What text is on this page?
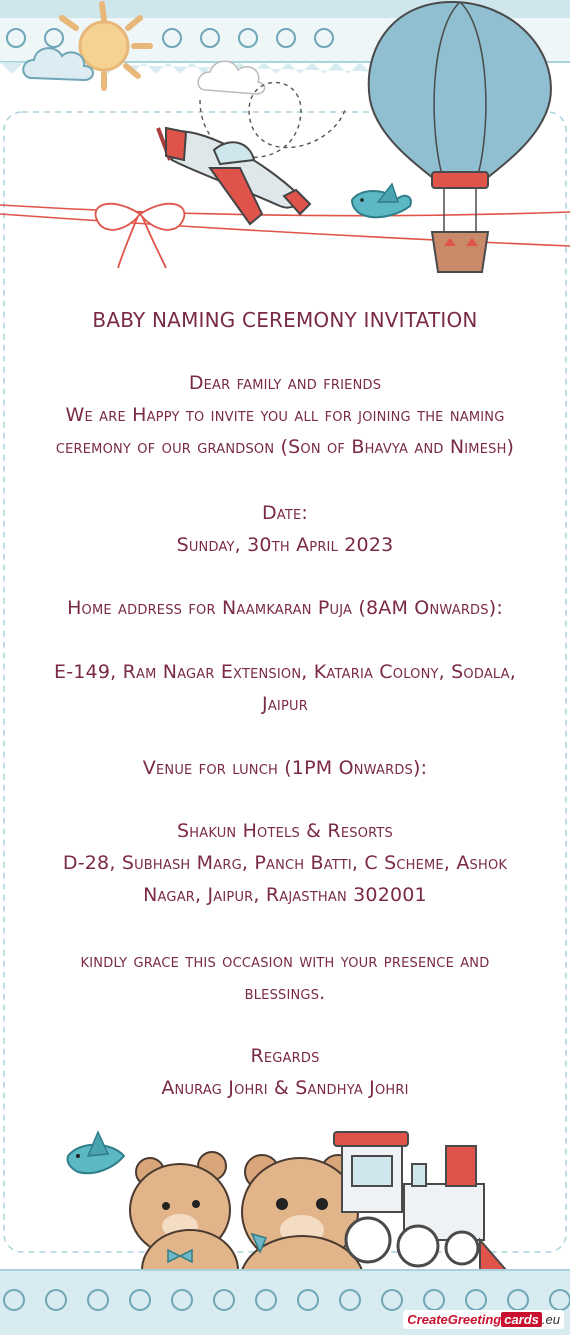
BABY NAMING CEREMONY INVITATION
Dear family and friends
We are Happy to invite you all for joining the naming
ceremony of our grandson (Son of Bhavya and Nimesh)
Date:
Sunday, 30th April 2023
Home address for Naamkaran Puja (8AM Onwards):
E-149, Ram Nagar Extension, Kataria Colony, Sodala,
Jaipur
Venue for lunch (1PM Onwards):
Shakun Hotels & Resorts
D-28, Subhash Marg, Panch Batti, C Scheme, Ashok
Nagar, Jaipur, Rajasthan 302001
kindly grace this occasion with your presence and
blessings.
Regards
Anurag Johri & Sandhya Johri
CreateGreeting cards .eu
